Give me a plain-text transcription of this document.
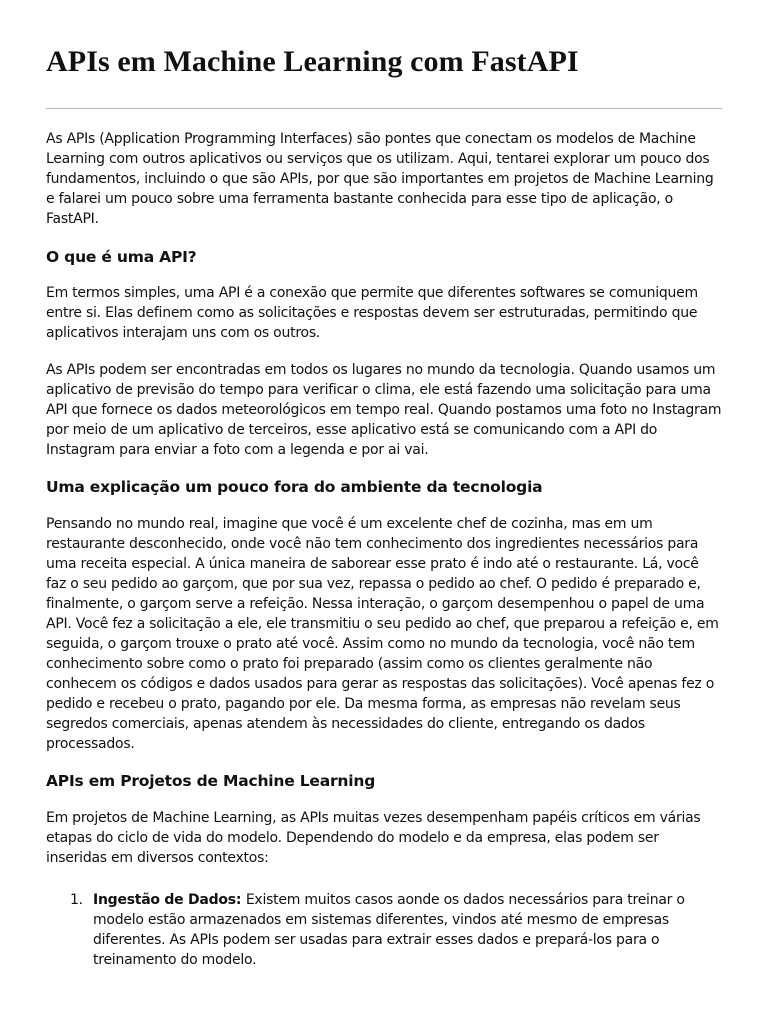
APIs em Machine Learning com FastAPI

As APIs (Application Programming Interfaces) são pontes que conectam os modelos de Machine Learning com outros aplicativos ou serviços que os utilizam. Aqui, tentarei explorar um pouco dos fundamentos, incluindo o que são APIs, por que são importantes em projetos de Machine Learning e falarei um pouco sobre uma ferramenta bastante conhecida para esse tipo de aplicação, o FastAPI.

O que é uma API?

Em termos simples, uma API é a conexão que permite que diferentes softwares se comuniquem entre si. Elas definem como as solicitações e respostas devem ser estruturadas, permitindo que aplicativos interajam uns com os outros.

As APIs podem ser encontradas em todos os lugares no mundo da tecnologia. Quando usamos um aplicativo de previsão do tempo para verificar o clima, ele está fazendo uma solicitação para uma API que fornece os dados meteorológicos em tempo real. Quando postamos uma foto no Instagram por meio de um aplicativo de terceiros, esse aplicativo está se comunicando com a API do Instagram para enviar a foto com a legenda e por ai vai.

Uma explicação um pouco fora do ambiente da tecnologia

Pensando no mundo real, imagine que você é um excelente chef de cozinha, mas em um restaurante desconhecido, onde você não tem conhecimento dos ingredientes necessários para uma receita especial. A única maneira de saborear esse prato é indo até o restaurante. Lá, você faz o seu pedido ao garçom, que por sua vez, repassa o pedido ao chef. O pedido é preparado e, finalmente, o garçom serve a refeição. Nessa interação, o garçom desempenhou o papel de uma API. Você fez a solicitação a ele, ele transmitiu o seu pedido ao chef, que preparou a refeição e, em seguida, o garçom trouxe o prato até você. Assim como no mundo da tecnologia, você não tem conhecimento sobre como o prato foi preparado (assim como os clientes geralmente não conhecem os códigos e dados usados para gerar as respostas das solicitações). Você apenas fez o pedido e recebeu o prato, pagando por ele. Da mesma forma, as empresas não revelam seus segredos comerciais, apenas atendem às necessidades do cliente, entregando os dados processados.

APIs em Projetos de Machine Learning

Em projetos de Machine Learning, as APIs muitas vezes desempenham papéis críticos em várias etapas do ciclo de vida do modelo. Dependendo do modelo e da empresa, elas podem ser inseridas em diversos contextos:

1. Ingestão de Dados: Existem muitos casos aonde os dados necessários para treinar o modelo estão armazenados em sistemas diferentes, vindos até mesmo de empresas diferentes. As APIs podem ser usadas para extrair esses dados e prepará-los para o treinamento do modelo.
